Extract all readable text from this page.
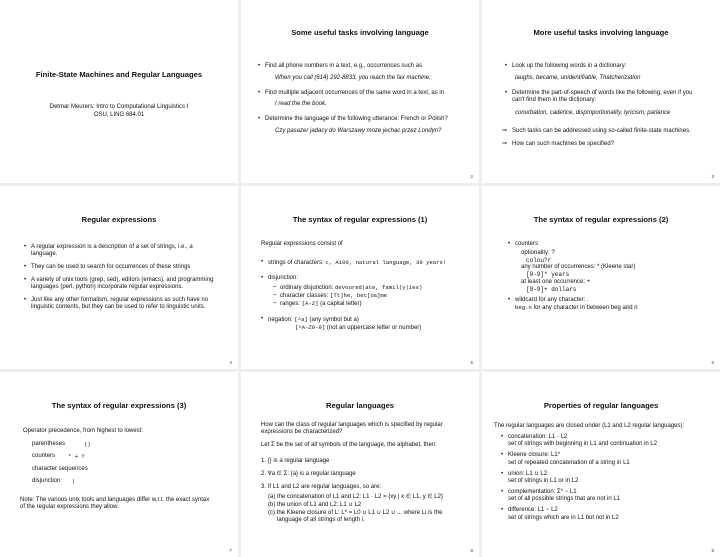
Finite-State Machines and Regular Languages
Detmar Meurers: Intro to Computational Linguistics I
OSU, LING 684.01
Some useful tasks involving language
• Find all phone numbers in a text, e.g., occurrences such as
When you call (614) 292-8833, you reach the fax machine.
• Find multiple adjacent occurrences of the same word in a text, as in
I read the the book.
• Determine the language of the following utterance: French or Polish?
Czy pasazer jadacy do Warszawy moze jechac przez Londyn?
2
More useful tasks involving language
• Look up the following words in a dictionary:
laughs, became, unidentifiable, Thatcherization
• Determine the part-of-speech of words like the following, even if you
can't find them in the dictionary:
conurbation, cadence, disproportionality, lyricism, parlance
⇒ Such tasks can be addressed using so-called finite-state machines.
⇒ How can such machines be specified?
3
Regular expressions
• A regular expression is a description of a set of strings, i.e., a
language.
• They can be used to search for occurrences of these strings
• A variety of unix tools (grep, sed), editors (emacs), and programming
languages (perl, python) incorporate regular expressions.
• Just like any other formalism, regular expressions as such have no
linguistic contents, but they can be used to refer to linguistic units.
4
The syntax of regular expressions (1)
Regular expressions consist of
• strings of characters: c, A100, natural language, 30 years!
• disjunction:
– ordinary disjunction: devoured|ate, famil(y|ies)
– character classes: [Tt]he, bec[oa]me
– ranges: [A-Z] (a capital letter)
• negation: [^a] (any symbol but a)
[^A-Z0-9] (not an uppercase letter or number)
5
The syntax of regular expressions (2)
• counters
optionality: ?
colou?r
any number of occurrences: * (Kleene star)
[0-9]* years
at least one occurrence: +
[0-9]+ dollars
• wildcard for any character: .
beg.n for any character in between beg and n
6
The syntax of regular expressions (3)
Operator precedence, from highest to lowest:
parentheses	()
counters * + ?
character sequences
disjunction |
Note: The various unix tools and languages differ w.r.t. the exact syntax
of the regular expressions they allow.
7
Regular languages
How can the class of regular languages which is specified by regular
expressions be characterized?
Let Σ be the set of all symbols of the language, the alphabet, then:
1. {} is a regular language
2. ∀a ∈ Σ: {a} is a regular language
3. If L1 and L2 are regular languages, so are:
(a) the concatenation of L1 and L2: L1 · L2 = {xy | x ∈ L1, y ∈ L2}
(b) the union of L1 and L2: L1 ∪ L2
(c) the Kleene closure of L: L* = L0 ∪ L1 ∪ L2 ∪ ... where Li is the
language of all strings of length i.
8
Properties of regular languages
The regular languages are closed under (L1 and L2 regular languages):
• concatenation: L1 · L2
set of strings with beginning in L1 and continuation in L2
• Kleene closure: L1*
set of repeated concatenation of a string in L1
• union: L1 ∪ L2
set of strings in L1 or in L2
• complementation: Σ* − L1
set of all possible strings that are not in L1
• difference: L1 − L2
set of strings which are in L1 but not in L2
9
